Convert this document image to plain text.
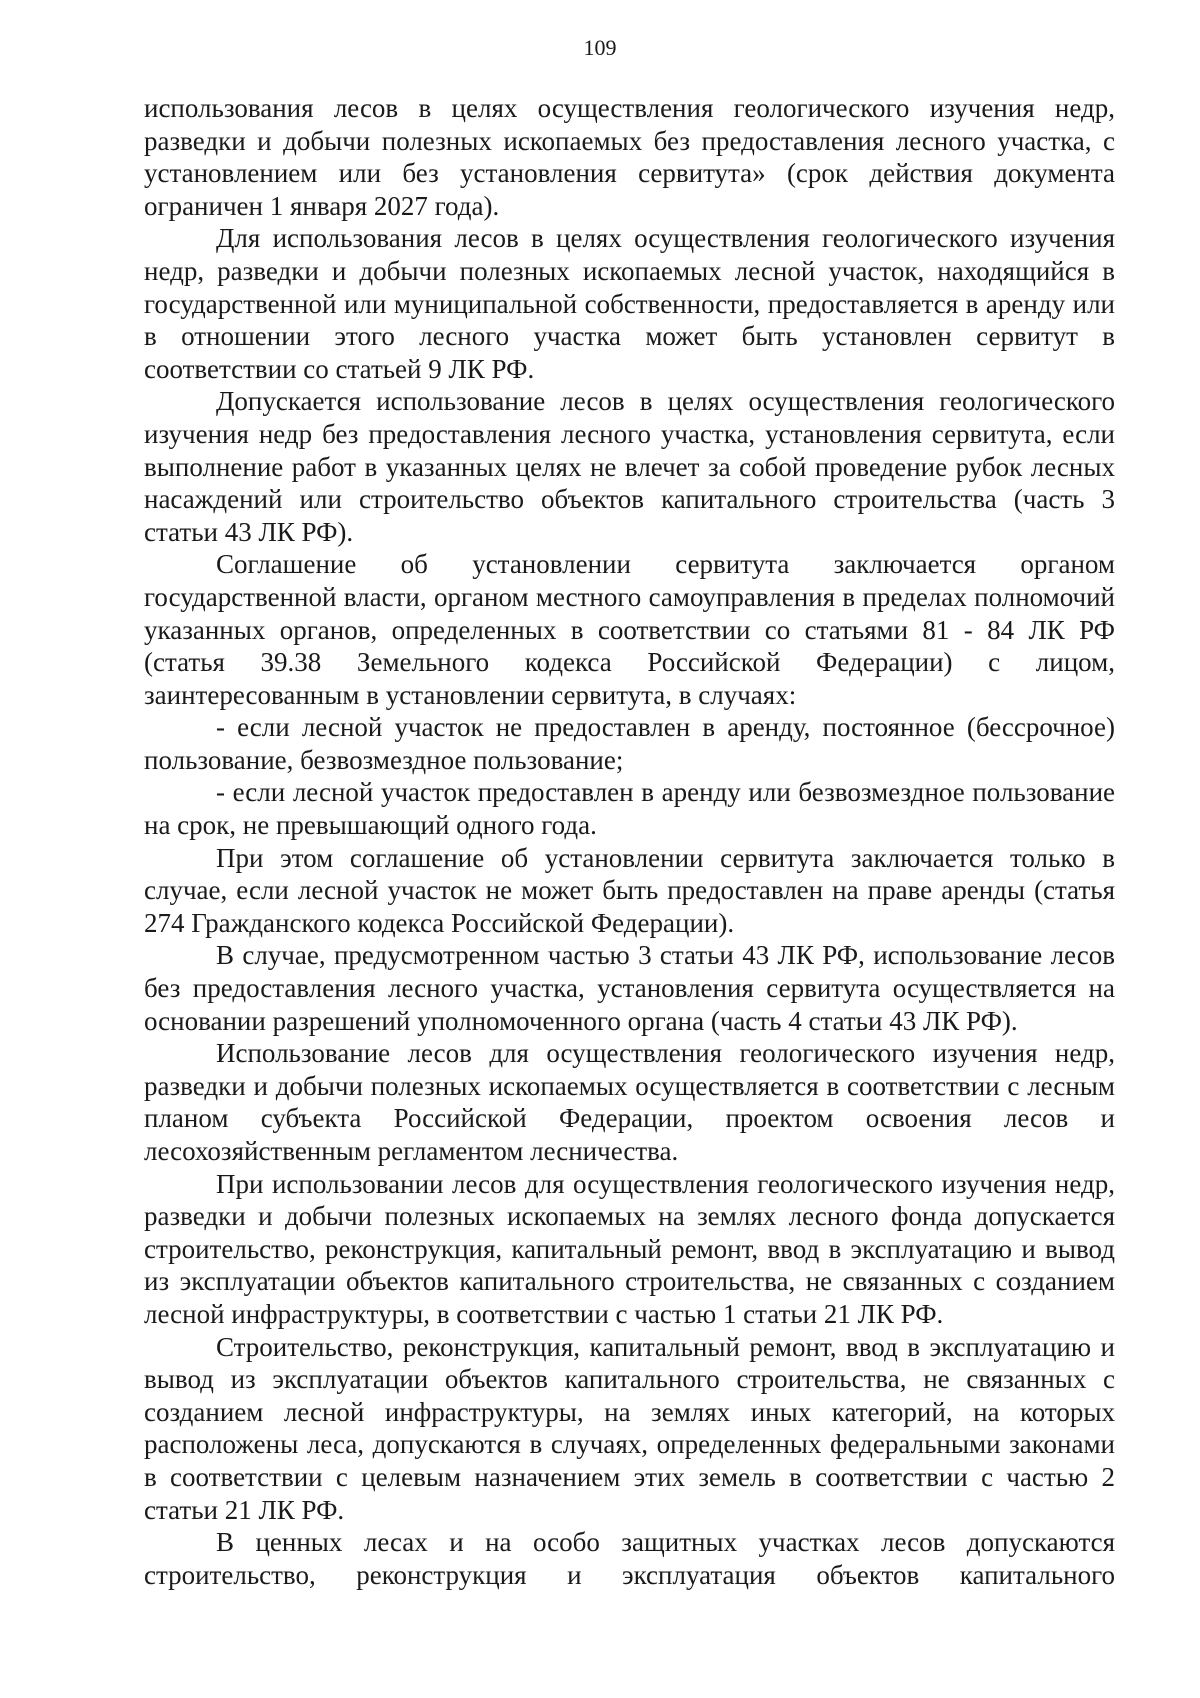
109

использования лесов в целях осуществления геологического изучения недр, разведки и добычи полезных ископаемых без предоставления лесного участка, с установлением или без установления сервитута» (срок действия документа ограничен 1 января 2027 года).

Для использования лесов в целях осуществления геологического изучения недр, разведки и добычи полезных ископаемых лесной участок, находящийся в государственной или муниципальной собственности, предоставляется в аренду или в отношении этого лесного участка может быть установлен сервитут в соответствии со статьей 9 ЛК РФ.

Допускается использование лесов в целях осуществления геологического изучения недр без предоставления лесного участка, установления сервитута, если выполнение работ в указанных целях не влечет за собой проведение рубок лесных насаждений или строительство объектов капитального строительства (часть 3 статьи 43 ЛК РФ).

Соглашение об установлении сервитута заключается органом государственной власти, органом местного самоуправления в пределах полномочий указанных органов, определенных в соответствии со статьями 81 - 84 ЛК РФ (статья 39.38 Земельного кодекса Российской Федерации) с лицом, заинтересованным в установлении сервитута, в случаях:

- если лесной участок не предоставлен в аренду, постоянное (бессрочное) пользование, безвозмездное пользование;

- если лесной участок предоставлен в аренду или безвозмездное пользование на срок, не превышающий одного года.

При этом соглашение об установлении сервитута заключается только в случае, если лесной участок не может быть предоставлен на праве аренды (статья 274 Гражданского кодекса Российской Федерации).

В случае, предусмотренном частью 3 статьи 43 ЛК РФ, использование лесов без предоставления лесного участка, установления сервитута осуществляется на основании разрешений уполномоченного органа (часть 4 статьи 43 ЛК РФ).

Использование лесов для осуществления геологического изучения недр, разведки и добычи полезных ископаемых осуществляется в соответствии с лесным планом субъекта Российской Федерации, проектом освоения лесов и лесохозяйственным регламентом лесничества.

При использовании лесов для осуществления геологического изучения недр, разведки и добычи полезных ископаемых на землях лесного фонда допускается строительство, реконструкция, капитальный ремонт, ввод в эксплуатацию и вывод из эксплуатации объектов капитального строительства, не связанных с созданием лесной инфраструктуры, в соответствии с частью 1 статьи 21 ЛК РФ.

Строительство, реконструкция, капитальный ремонт, ввод в эксплуатацию и вывод из эксплуатации объектов капитального строительства, не связанных с созданием лесной инфраструктуры, на землях иных категорий, на которых расположены леса, допускаются в случаях, определенных федеральными законами в соответствии с целевым назначением этих земель в соответствии с частью 2 статьи 21 ЛК РФ.

В ценных лесах и на особо защитных участках лесов допускаются строительство, реконструкция и эксплуатация объектов капитального
